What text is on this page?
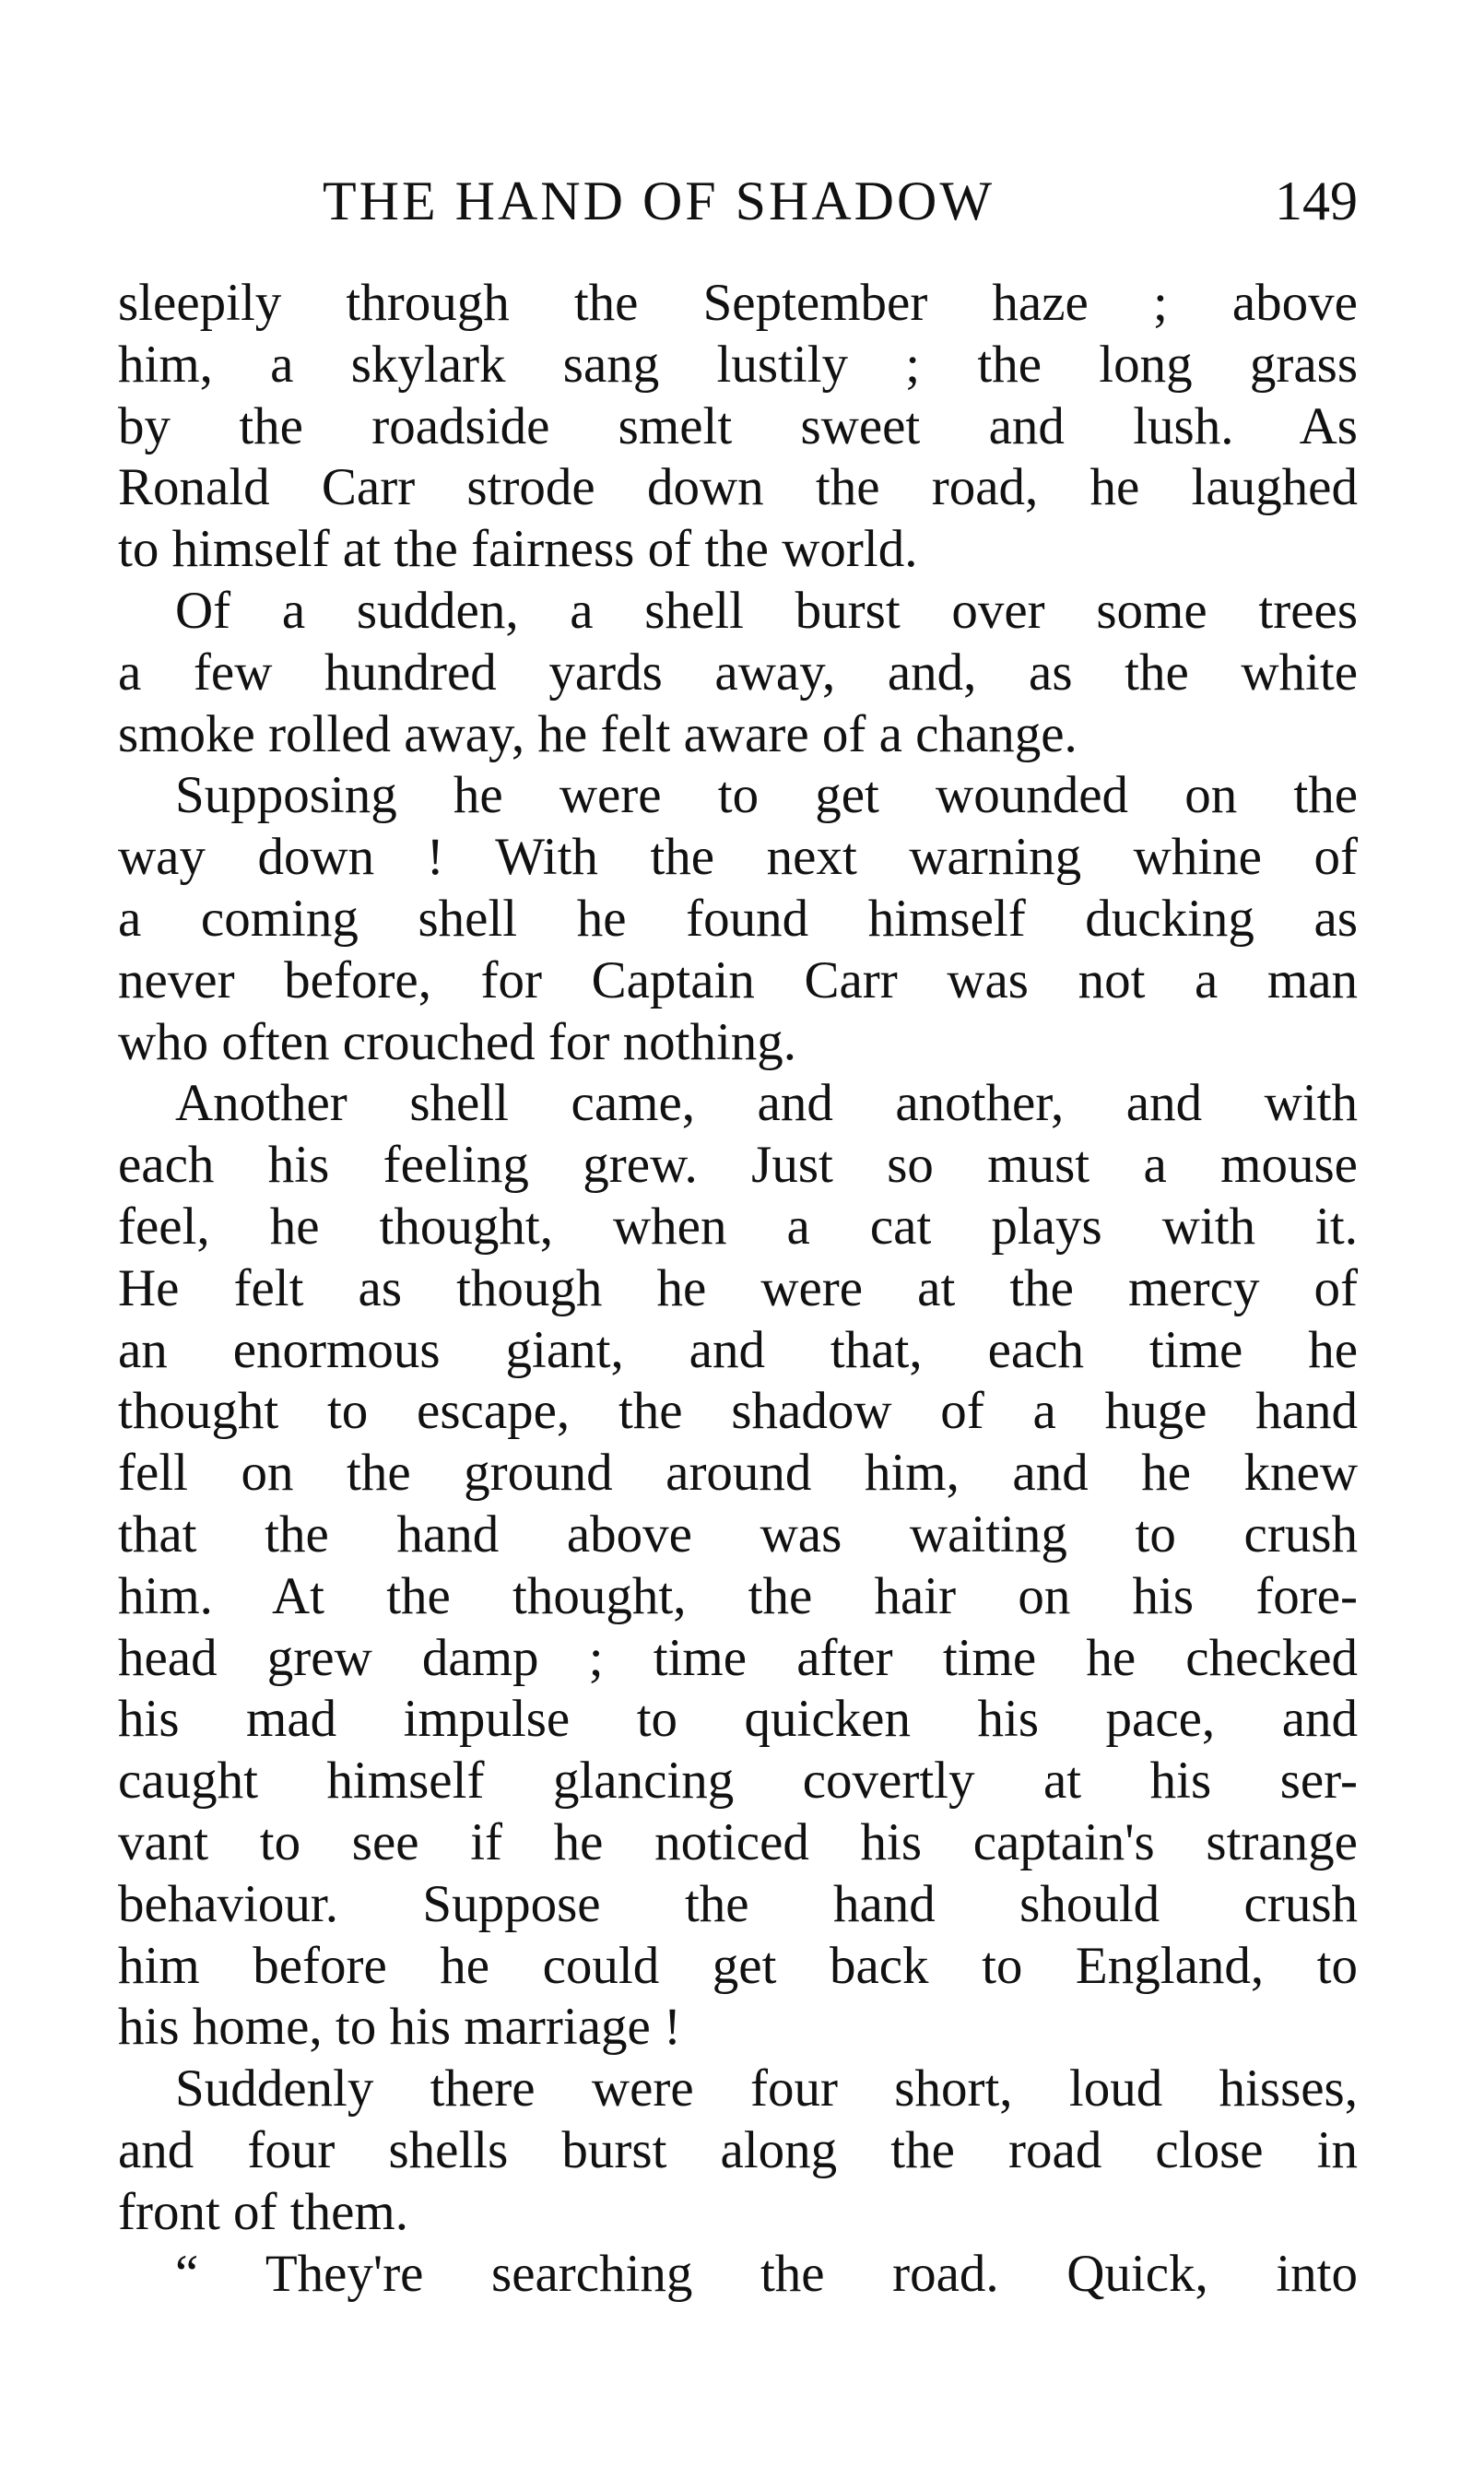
THE HAND OF SHADOW	149
sleepily through the September haze ; above
him, a skylark sang lustily ; the long grass
by the roadside smelt sweet and lush. As
Ronald Carr strode down the road, he laughed
to himself at the fairness of the world.
Of a sudden, a shell burst over some trees
a few hundred yards away, and, as the white
smoke rolled away, he felt aware of a change.
Supposing he were to get wounded on the
way down ! With the next warning whine of
a coming shell he found himself ducking as
never before, for Captain Carr was not a man
who often crouched for nothing.
Another shell came, and another, and with
each his feeling grew. Just so must a mouse
feel, he thought, when a cat plays with it.
He felt as though he were at the mercy of
an enormous giant, and that, each time he
thought to escape, the shadow of a huge hand
fell on the ground around him, and he knew
that the hand above was waiting to crush
him. At the thought, the hair on his fore-
head grew damp ; time after time he checked
his mad impulse to quicken his pace, and
caught himself glancing covertly at his ser-
vant to see if he noticed his captain's strange
behaviour. Suppose the hand should crush
him before he could get back to England, to
his home, to his marriage !
Suddenly there were four short, loud hisses,
and four shells burst along the road close in
front of them.
“ They're searching the road. Quick, into
